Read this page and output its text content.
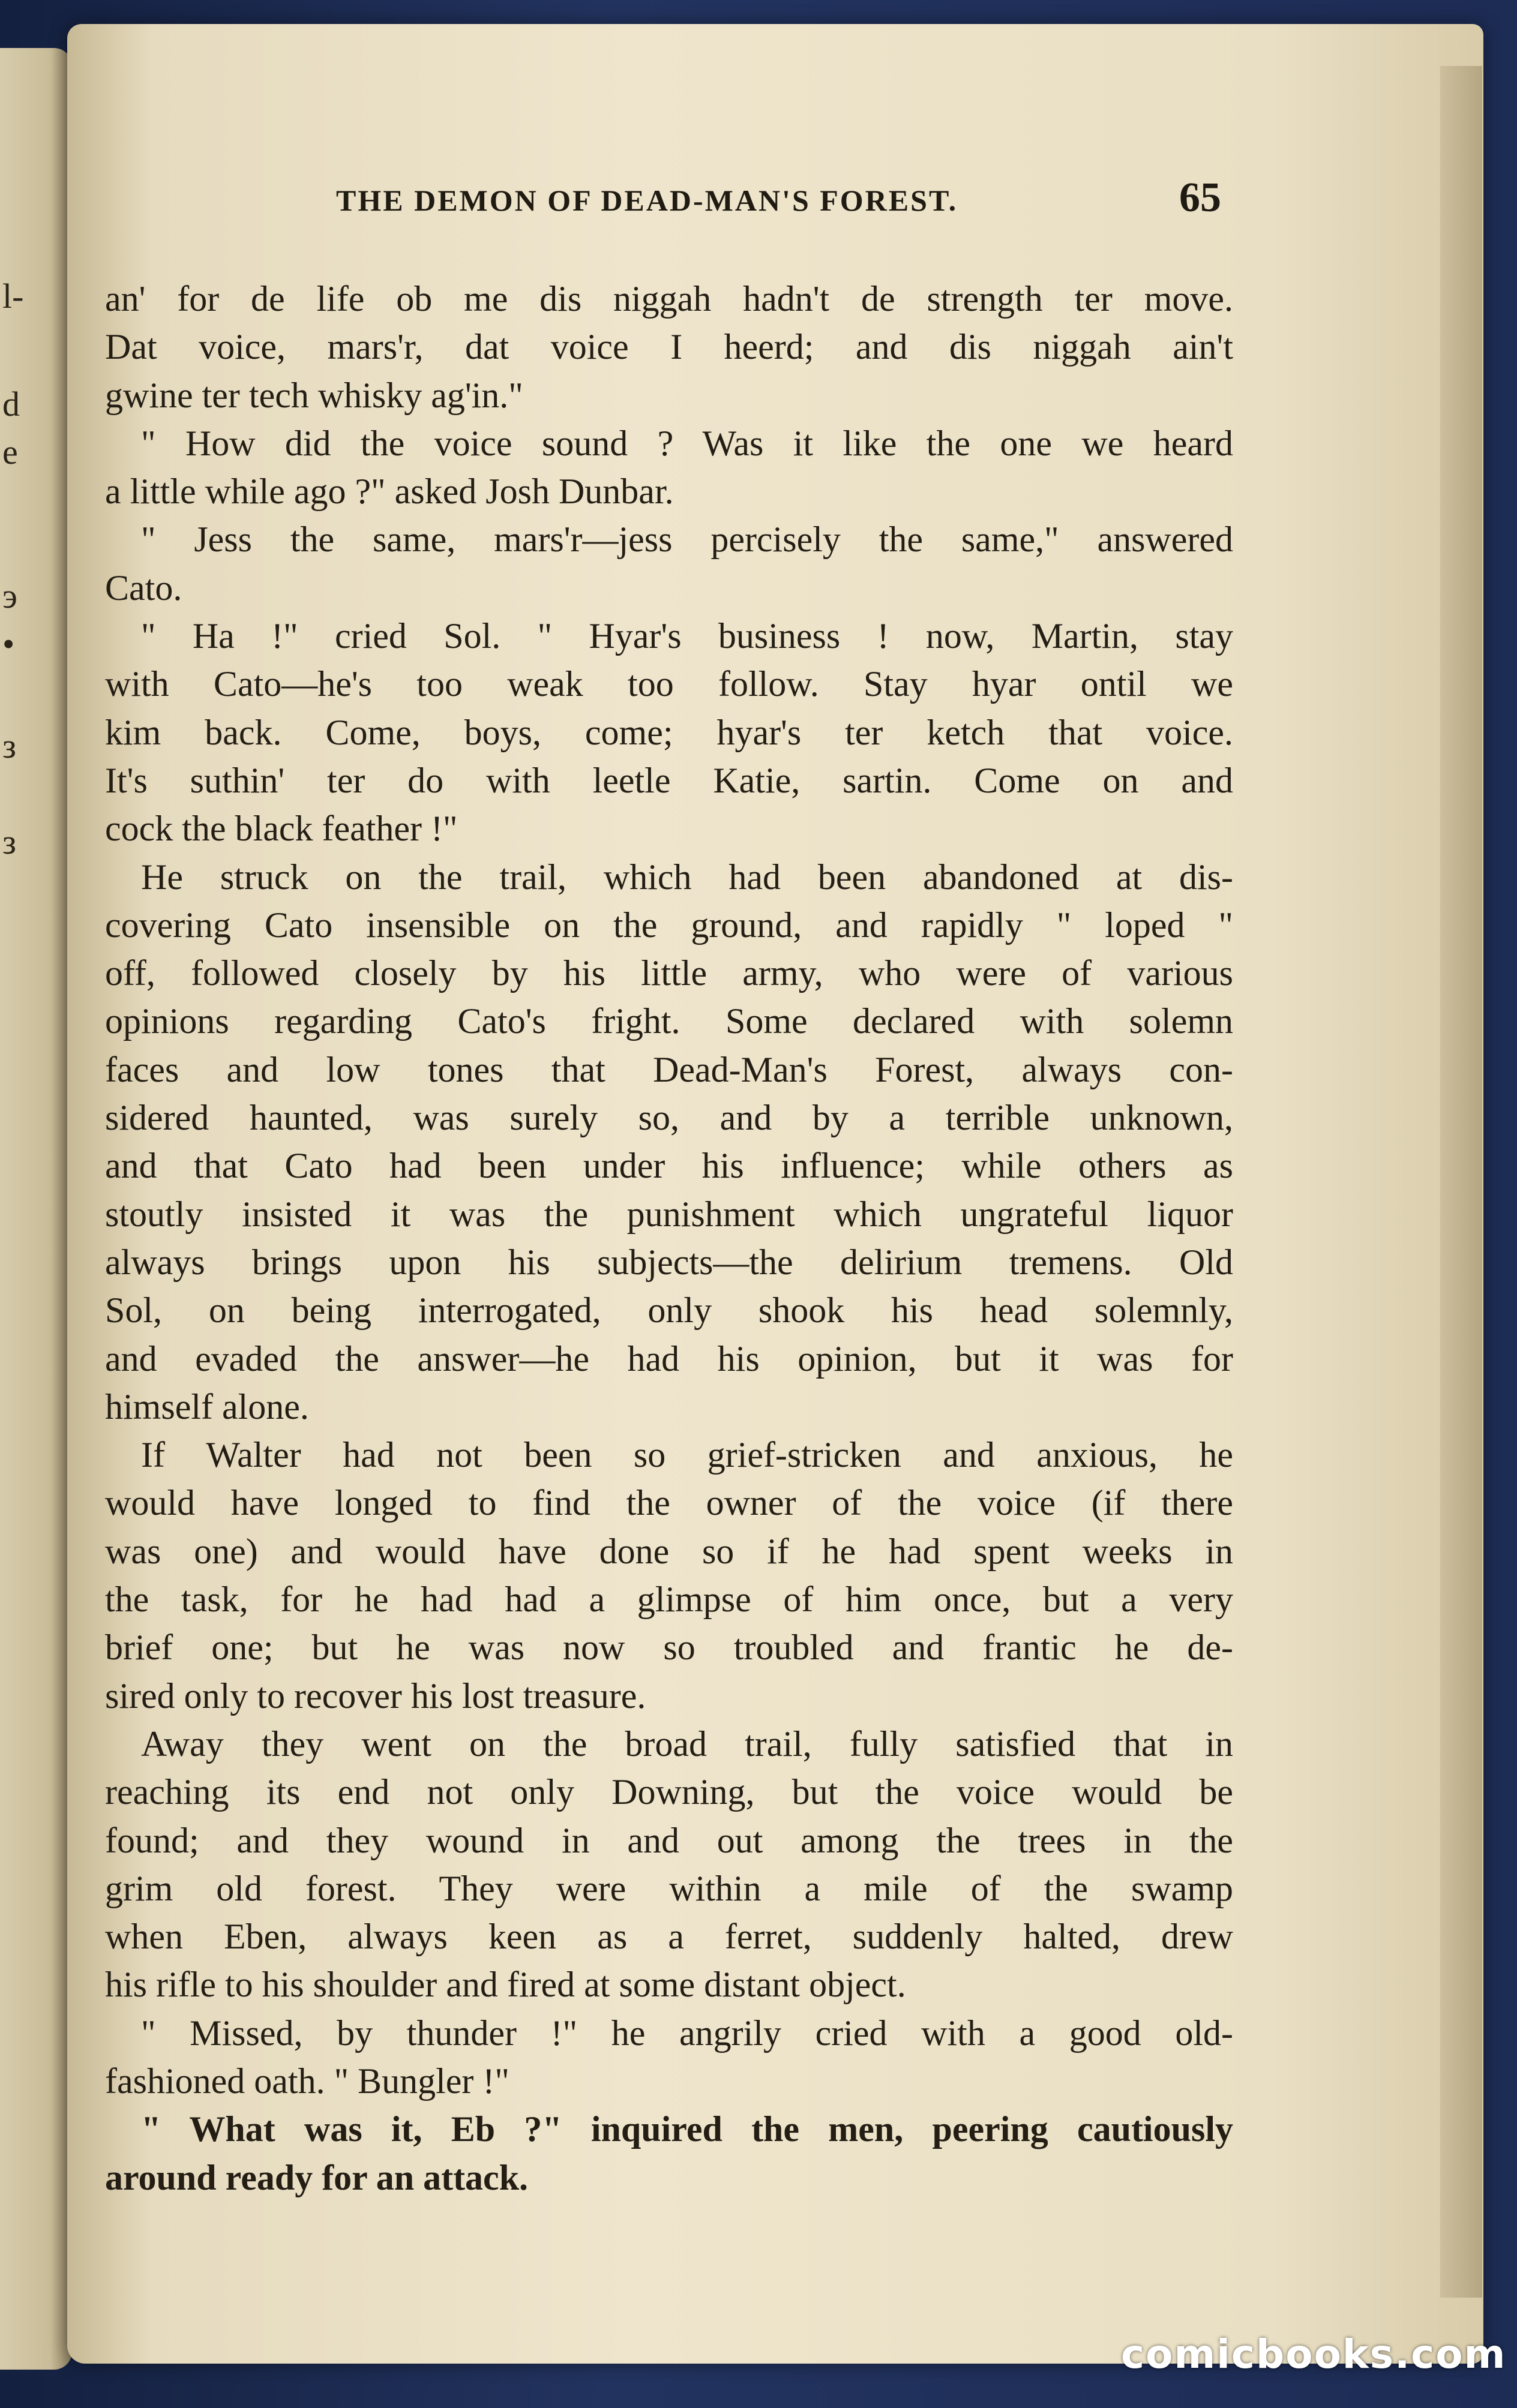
l-
d
e
э
•
з
з
THE DEMON OF DEAD-MAN'S FOREST.	65
an' for de life ob me dis niggah hadn't de strength ter move.
Dat voice, mars'r, dat voice I heerd; and dis niggah ain't
gwine ter tech whisky ag'in."
" How did the voice sound ? Was it like the one we heard
a little while ago ?" asked Josh Dunbar.
" Jess the same, mars'r—jess percisely the same," answered
Cato.
" Ha !" cried Sol. " Hyar's business ! now, Martin, stay
with Cato—he's too weak too follow. Stay hyar ontil we
kim back. Come, boys, come; hyar's ter ketch that voice.
It's suthin' ter do with leetle Katie, sartin. Come on and
cock the black feather !"
He struck on the trail, which had been abandoned at dis-
covering Cato insensible on the ground, and rapidly " loped "
off, followed closely by his little army, who were of various
opinions regarding Cato's fright. Some declared with solemn
faces and low tones that Dead-Man's Forest, always con-
sidered haunted, was surely so, and by a terrible unknown,
and that Cato had been under his influence; while others as
stoutly insisted it was the punishment which ungrateful liquor
always brings upon his subjects—the delirium tremens. Old
Sol, on being interrogated, only shook his head solemnly,
and evaded the answer—he had his opinion, but it was for
himself alone.
If Walter had not been so grief-stricken and anxious, he
would have longed to find the owner of the voice (if there
was one) and would have done so if he had spent weeks in
the task, for he had had a glimpse of him once, but a very
brief one; but he was now so troubled and frantic he de-
sired only to recover his lost treasure.
Away they went on the broad trail, fully satisfied that in
reaching its end not only Downing, but the voice would be
found; and they wound in and out among the trees in the
grim old forest. They were within a mile of the swamp
when Eben, always keen as a ferret, suddenly halted, drew
his rifle to his shoulder and fired at some distant object.
" Missed, by thunder !" he angrily cried with a good old-
fashioned oath. " Bungler !"
" What was it, Eb ?" inquired the men, peering cautiously
around ready for an attack.
comicbooks.com
